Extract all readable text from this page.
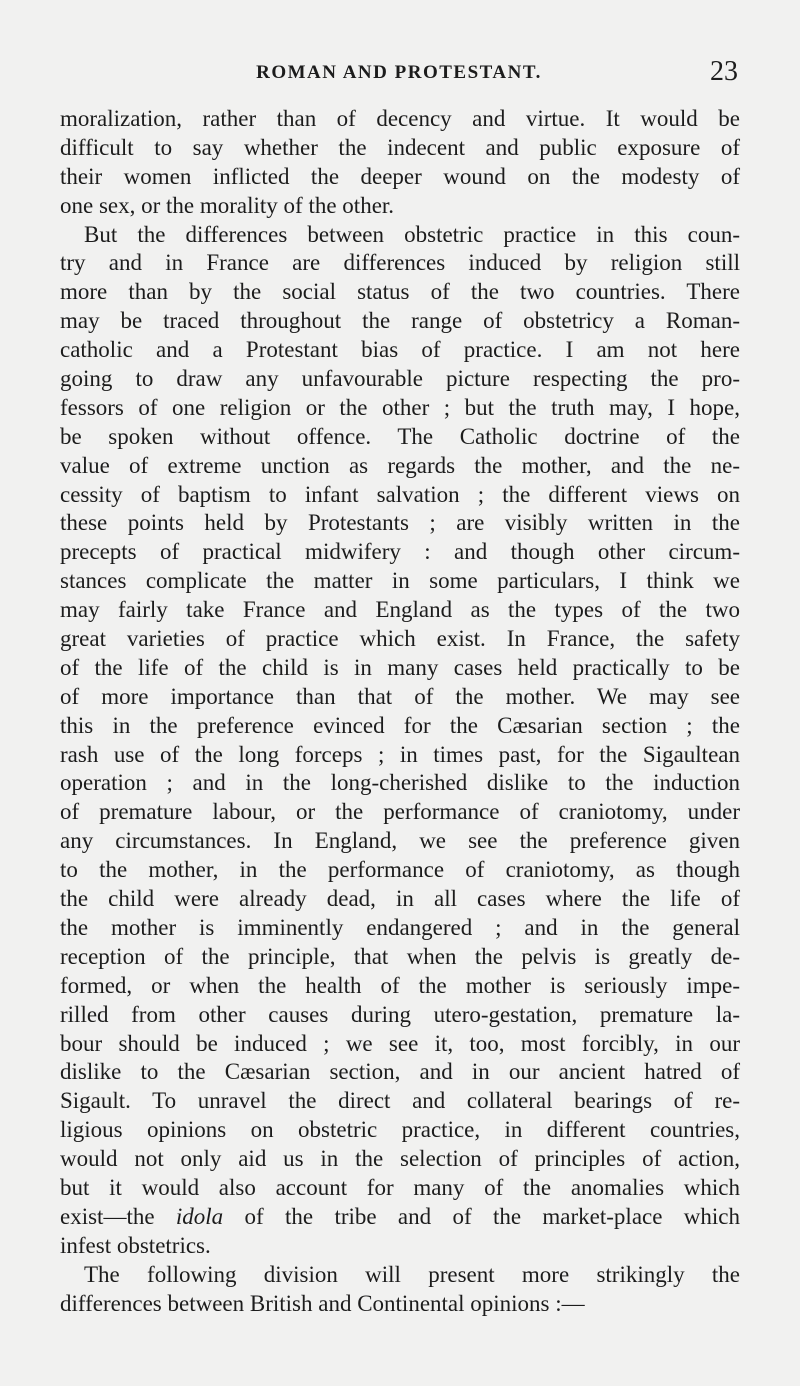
ROMAN AND PROTESTANT.	23
moralization, rather than of decency and virtue. It would be
difficult to say whether the indecent and public exposure of
their women inflicted the deeper wound on the modesty of
one sex, or the morality of the other.
But the differences between obstetric practice in this coun-
try and in France are differences induced by religion still
more than by the social status of the two countries. There
may be traced throughout the range of obstetricy a Roman-
catholic and a Protestant bias of practice. I am not here
going to draw any unfavourable picture respecting the pro-
fessors of one religion or the other ; but the truth may, I hope,
be spoken without offence. The Catholic doctrine of the
value of extreme unction as regards the mother, and the ne-
cessity of baptism to infant salvation ; the different views on
these points held by Protestants ; are visibly written in the
precepts of practical midwifery : and though other circum-
stances complicate the matter in some particulars, I think we
may fairly take France and England as the types of the two
great varieties of practice which exist. In France, the safety
of the life of the child is in many cases held practically to be
of more importance than that of the mother. We may see
this in the preference evinced for the Cæsarian section ; the
rash use of the long forceps ; in times past, for the Sigaultean
operation ; and in the long-cherished dislike to the induction
of premature labour, or the performance of craniotomy, under
any circumstances. In England, we see the preference given
to the mother, in the performance of craniotomy, as though
the child were already dead, in all cases where the life of
the mother is imminently endangered ; and in the general
reception of the principle, that when the pelvis is greatly de-
formed, or when the health of the mother is seriously impe-
rilled from other causes during utero-gestation, premature la-
bour should be induced ; we see it, too, most forcibly, in our
dislike to the Cæsarian section, and in our ancient hatred of
Sigault. To unravel the direct and collateral bearings of re-
ligious opinions on obstetric practice, in different countries,
would not only aid us in the selection of principles of action,
but it would also account for many of the anomalies which
exist—the idola of the tribe and of the market-place which
infest obstetrics.
The following division will present more strikingly the
differences between British and Continental opinions :—
